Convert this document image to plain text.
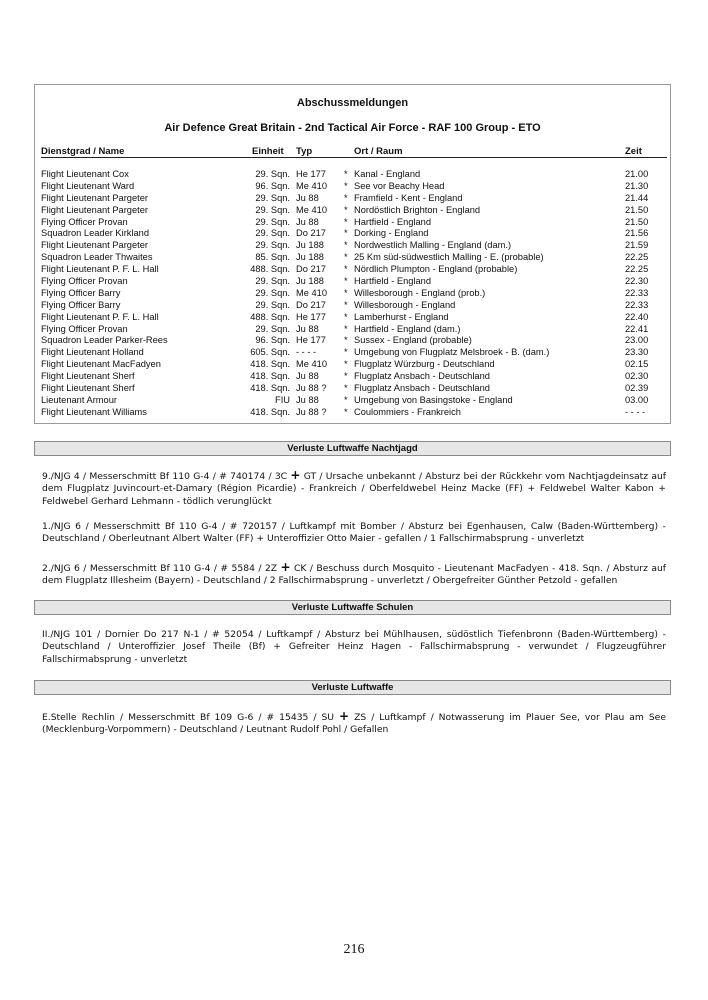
Abschussmeldungen
Air Defence Great Britain - 2nd Tactical Air Force - RAF 100 Group - ETO
Dienstgrad / Name	Einheit Typ	Ort / Raum	Zeit
Flight Lieutenant Cox	29. Sqn. He 177 * Kanal - England	21.00
Flight Lieutenant Ward	96. Sqn. Me 410 * See vor Beachy Head	21.30
Flight Lieutenant Pargeter	29. Sqn. Ju 88	* Framfield - Kent - England	21.44
Flight Lieutenant Pargeter	29. Sqn. Me 410 * Nordöstlich Brighton - England	21.50
Flying Officer Provan	29. Sqn. Ju 88	* Hartfield - England	21.50
Squadron Leader Kirkland	29. Sqn. Do 217 * Dorking - England	21.56
Flight Lieutenant Pargeter	29. Sqn. Ju 188 * Nordwestlich Malling - England (dam.)	21.59
Squadron Leader Thwaites	85. Sqn. Ju 188 * 25 Km süd-südwestlich Malling - E. (probable)	22.25
Flight Lieutenant P. F. L. Hall	488. Sqn. Do 217 * Nördlich Plumpton - England (probable)	22.25
Flying Officer Provan	29. Sqn. Ju 188 * Hartfield - England	22.30
Flying Officer Barry	29. Sqn. Me 410 * Willesborough - England (prob.)	22.33
Flying Officer Barry	29. Sqn. Do 217 * Willesborough - England	22.33
Flight Lieutenant P. F. L. Hall	488. Sqn. He 177 * Lamberhurst - England	22.40
Flying Officer Provan	29. Sqn. Ju 88	* Hartfield - England (dam.)	22.41
Squadron Leader Parker-Rees	96. Sqn. He 177 * Sussex - England (probable)	23.00
Flight Lieutenant Holland	605. Sqn. - - - -	* Umgebung von Flugplatz Melsbroek - B. (dam.)	23.30
Flight Lieutenant MacFadyen	418. Sqn. Me 410 * Flugplatz Würzburg - Deutschland	02.15
Flight Lieutenant Sherf	418. Sqn. Ju 88	* Flugplatz Ansbach - Deutschland	02.30
Flight Lieutenant Sherf	418. Sqn. Ju 88 ? * Flugplatz Ansbach - Deutschland	02.39
Lieutenant Armour	FIU Ju 88	* Umgebung von Basingstoke - England	03.00
Flight Lieutenant Williams	418. Sqn. Ju 88 ? * Coulommiers - Frankreich	- - - -
Verluste Luftwaffe Nachtjagd

9./NJG 4 / Messerschmitt Bf 110 G-4 / # 740174 / 3C + GT / Ursache unbekannt / Absturz bei der Rückkehr vom Nachtjagdeinsatz auf dem Flugplatz Juvincourt-et-Damary (Région Picardie) - Frankreich / Oberfeldwebel Heinz Macke (FF) + Feldwebel Walter Kabon + Feldwebel Gerhard Lehmann - tödlich verunglückt

1./NJG 6 / Messerschmitt Bf 110 G-4 / # 720157 / Luftkampf mit Bomber / Absturz bei Egenhausen, Calw (Baden-Württemberg) - Deutschland / Oberleutnant Albert Walter (FF) + Unteroffizier Otto Maier - gefallen / 1 Fallschirmabsprung - unverletzt

2./NJG 6 / Messerschmitt Bf 110 G-4 / # 5584 / 2Z + CK / Beschuss durch Mosquito - Lieutenant MacFadyen - 418. Sqn. / Absturz auf dem Flugplatz Illesheim (Bayern) - Deutschland / 2 Fallschirmabsprung - unverletzt / Obergefreiter Günther Petzold - gefallen

Verluste Luftwaffe Schulen

II./NJG 101 / Dornier Do 217 N-1 / # 52054 / Luftkampf / Absturz bei Mühlhausen, südöstlich Tiefenbronn (Baden-Württemberg) - Deutschland / Unteroffizier Josef Theile (Bf) + Gefreiter Heinz Hagen - Fallschirmabsprung - verwundet / Flugzeugführer Fallschirmabsprung - unverletzt

Verluste Luftwaffe

E.Stelle Rechlin / Messerschmitt Bf 109 G-6 / # 15435 / SU + ZS / Luftkampf / Notwasserung im Plauer See, vor Plau am See (Mecklenburg-Vorpommern) - Deutschland / Leutnant Rudolf Pohl / Gefallen

216
